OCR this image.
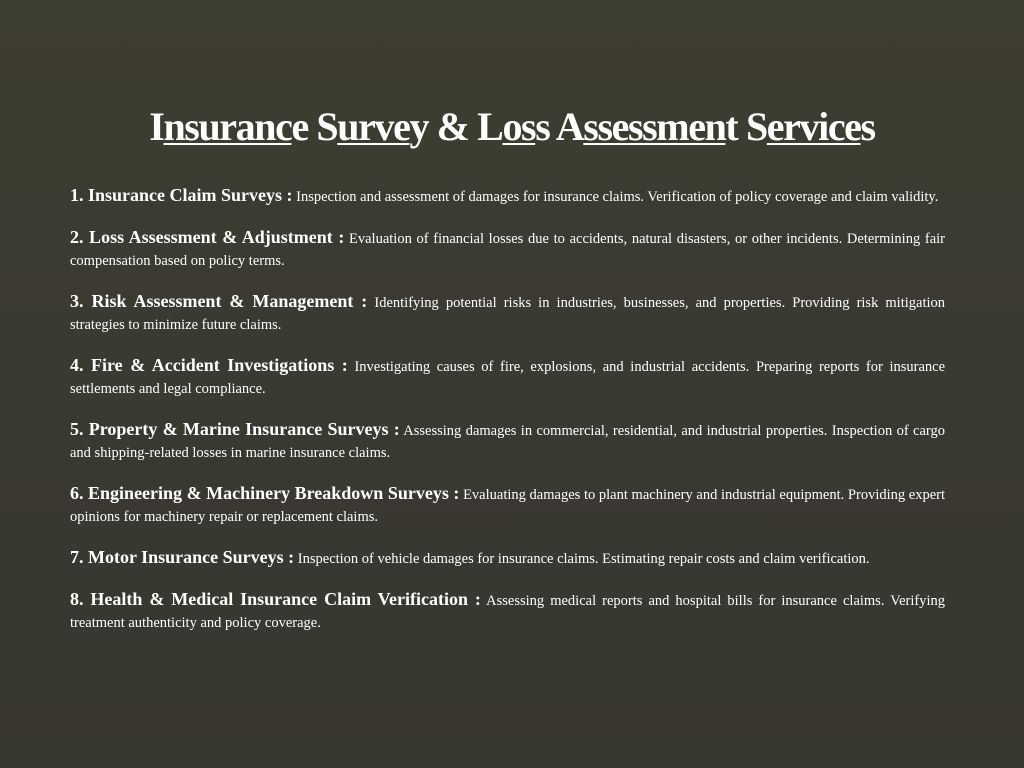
Insurance Survey & Loss Assessment Services

1. Insurance Claim Surveys : Inspection and assessment of damages for insurance claims. Verification of policy coverage and claim validity.

2. Loss Assessment & Adjustment : Evaluation of financial losses due to accidents, natural disasters, or other incidents. Determining fair compensation based on policy terms.

3. Risk Assessment & Management : Identifying potential risks in industries, businesses, and properties. Providing risk mitigation strategies to minimize future claims.

4. Fire & Accident Investigations : Investigating causes of fire, explosions, and industrial accidents. Preparing reports for insurance settlements and legal compliance.

5. Property & Marine Insurance Surveys : Assessing damages in commercial, residential, and industrial properties. Inspection of cargo and shipping-related losses in marine insurance claims.

6. Engineering & Machinery Breakdown Surveys : Evaluating damages to plant machinery and industrial equipment. Providing expert opinions for machinery repair or replacement claims.

7. Motor Insurance Surveys : Inspection of vehicle damages for insurance claims. Estimating repair costs and claim verification.

8. Health & Medical Insurance Claim Verification : Assessing medical reports and hospital bills for insurance claims. Verifying treatment authenticity and policy coverage.
